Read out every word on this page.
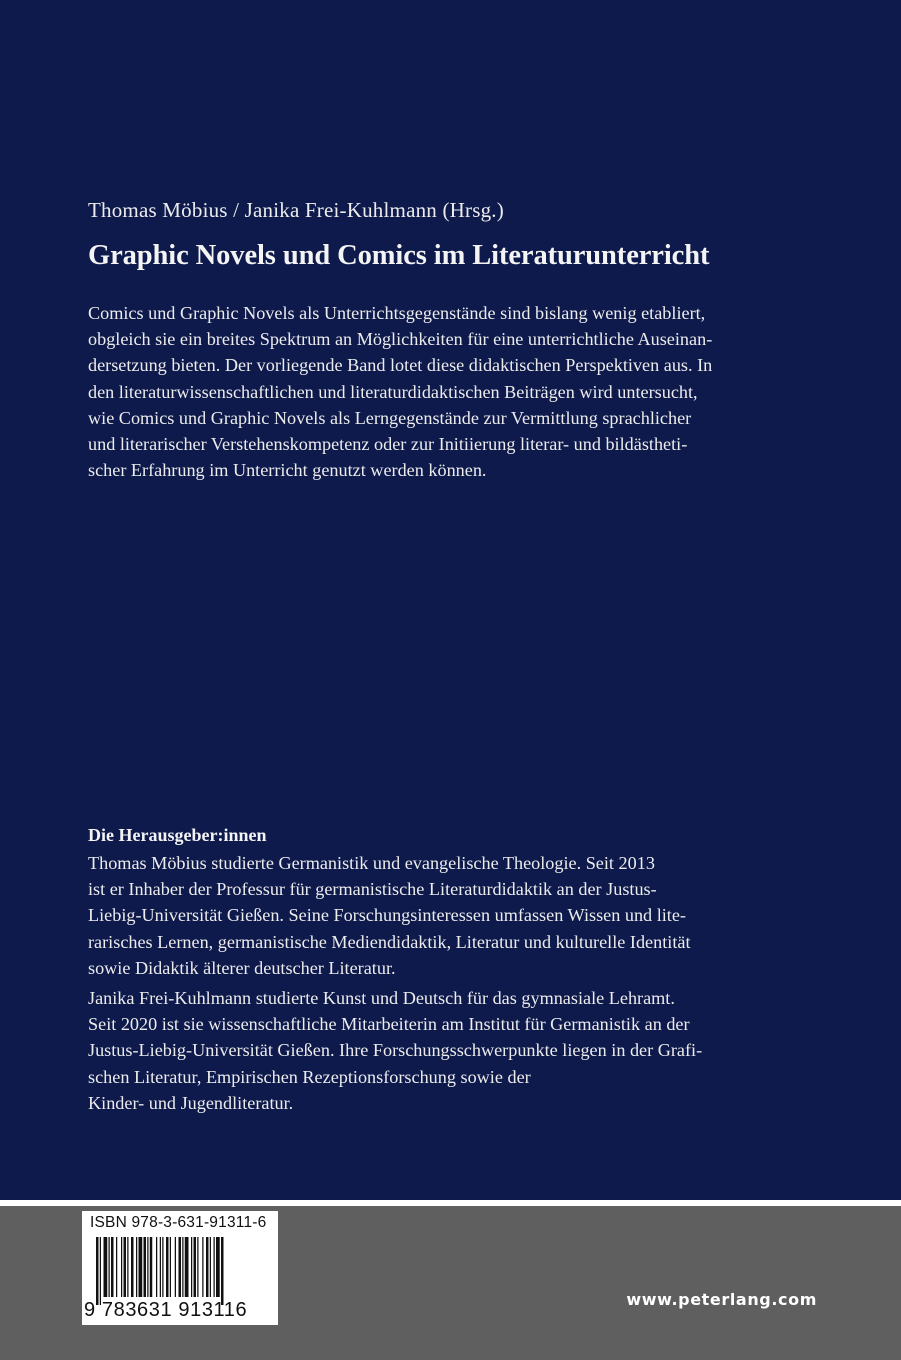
Thomas Möbius / Janika Frei-Kuhlmann (Hrsg.)
Graphic Novels und Comics im Literaturunterricht
Comics und Graphic Novels als Unterrichtsgegenstände sind bislang wenig etabliert,
obgleich sie ein breites Spektrum an Möglichkeiten für eine unterrichtliche Auseinan-
dersetzung bieten. Der vorliegende Band lotet diese didaktischen Perspektiven aus. In
den literaturwissenschaftlichen und literaturdidaktischen Beiträgen wird untersucht,
wie Comics und Graphic Novels als Lerngegenstände zur Vermittlung sprachlicher
und literarischer Verstehenskompetenz oder zur Initiierung literar- und bildästheti-
scher Erfahrung im Unterricht genutzt werden können.
Die Herausgeber:innen
Thomas Möbius studierte Germanistik und evangelische Theologie. Seit 2013
ist er Inhaber der Professur für germanistische Literaturdidaktik an der Justus-
Liebig-Universität Gießen. Seine Forschungsinteressen umfassen Wissen und lite-
rarisches Lernen, germanistische Mediendidaktik, Literatur und kulturelle Identität
sowie Didaktik älterer deutscher Literatur.
Janika Frei-Kuhlmann studierte Kunst und Deutsch für das gymnasiale Lehramt.
Seit 2020 ist sie wissenschaftliche Mitarbeiterin am Institut für Germanistik an der
Justus-Liebig-Universität Gießen. Ihre Forschungsschwerpunkte liegen in der Grafi-
schen Literatur, Empirischen Rezeptionsforschung sowie der
Kinder- und Jugendliteratur.
ISBN 978-3-631-91311-6
9 783631 913116	www.peterlang.com
